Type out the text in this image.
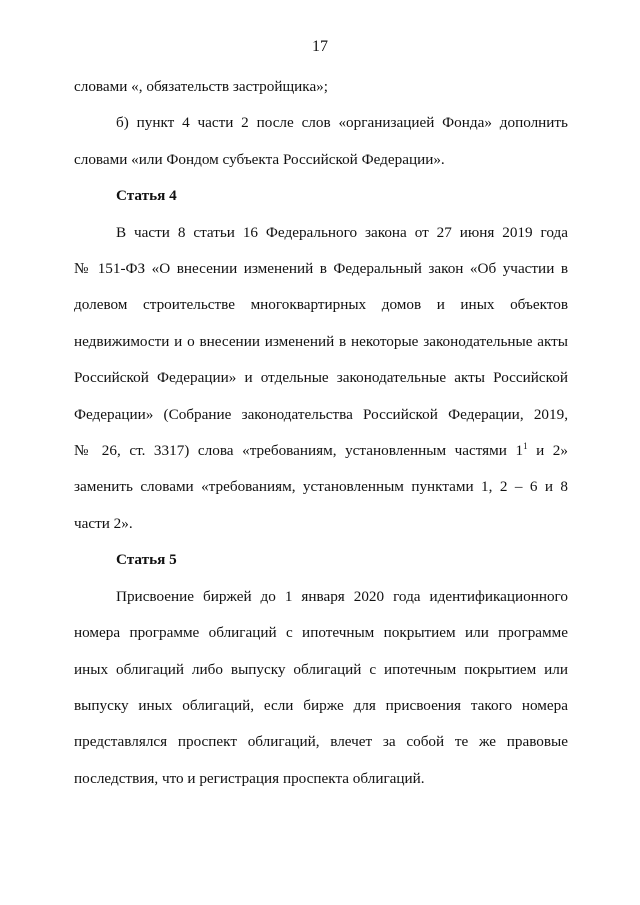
17
словами «, обязательств застройщика»;
б) пункт 4 части 2 после слов «организацией Фонда» дополнить
словами «или Фондом субъекта Российской Федерации».
Статья 4
В части 8 статьи 16 Федерального закона от 27 июня 2019 года
№ 151-ФЗ «О внесении изменений в Федеральный закон «Об участии в
долевом строительстве многоквартирных домов и иных объектов
недвижимости и о внесении изменений в некоторые законодательные акты
Российской Федерации» и отдельные законодательные акты Российской
Федерации» (Собрание законодательства Российской Федерации, 2019,
№ 26, ст. 3317) слова «требованиям, установленным частями $1^1$ и 2»
заменить словами «требованиям, установленным пунктами 1, 2 – 6 и 8
части 2».
Статья 5
Присвоение биржей до 1 января 2020 года идентификационного
номера программе облигаций с ипотечным покрытием или программе
иных облигаций либо выпуску облигаций с ипотечным покрытием или
выпуску иных облигаций, если бирже для присвоения такого номера
представлялся проспект облигаций, влечет за собой те же правовые
последствия, что и регистрация проспекта облигаций.
